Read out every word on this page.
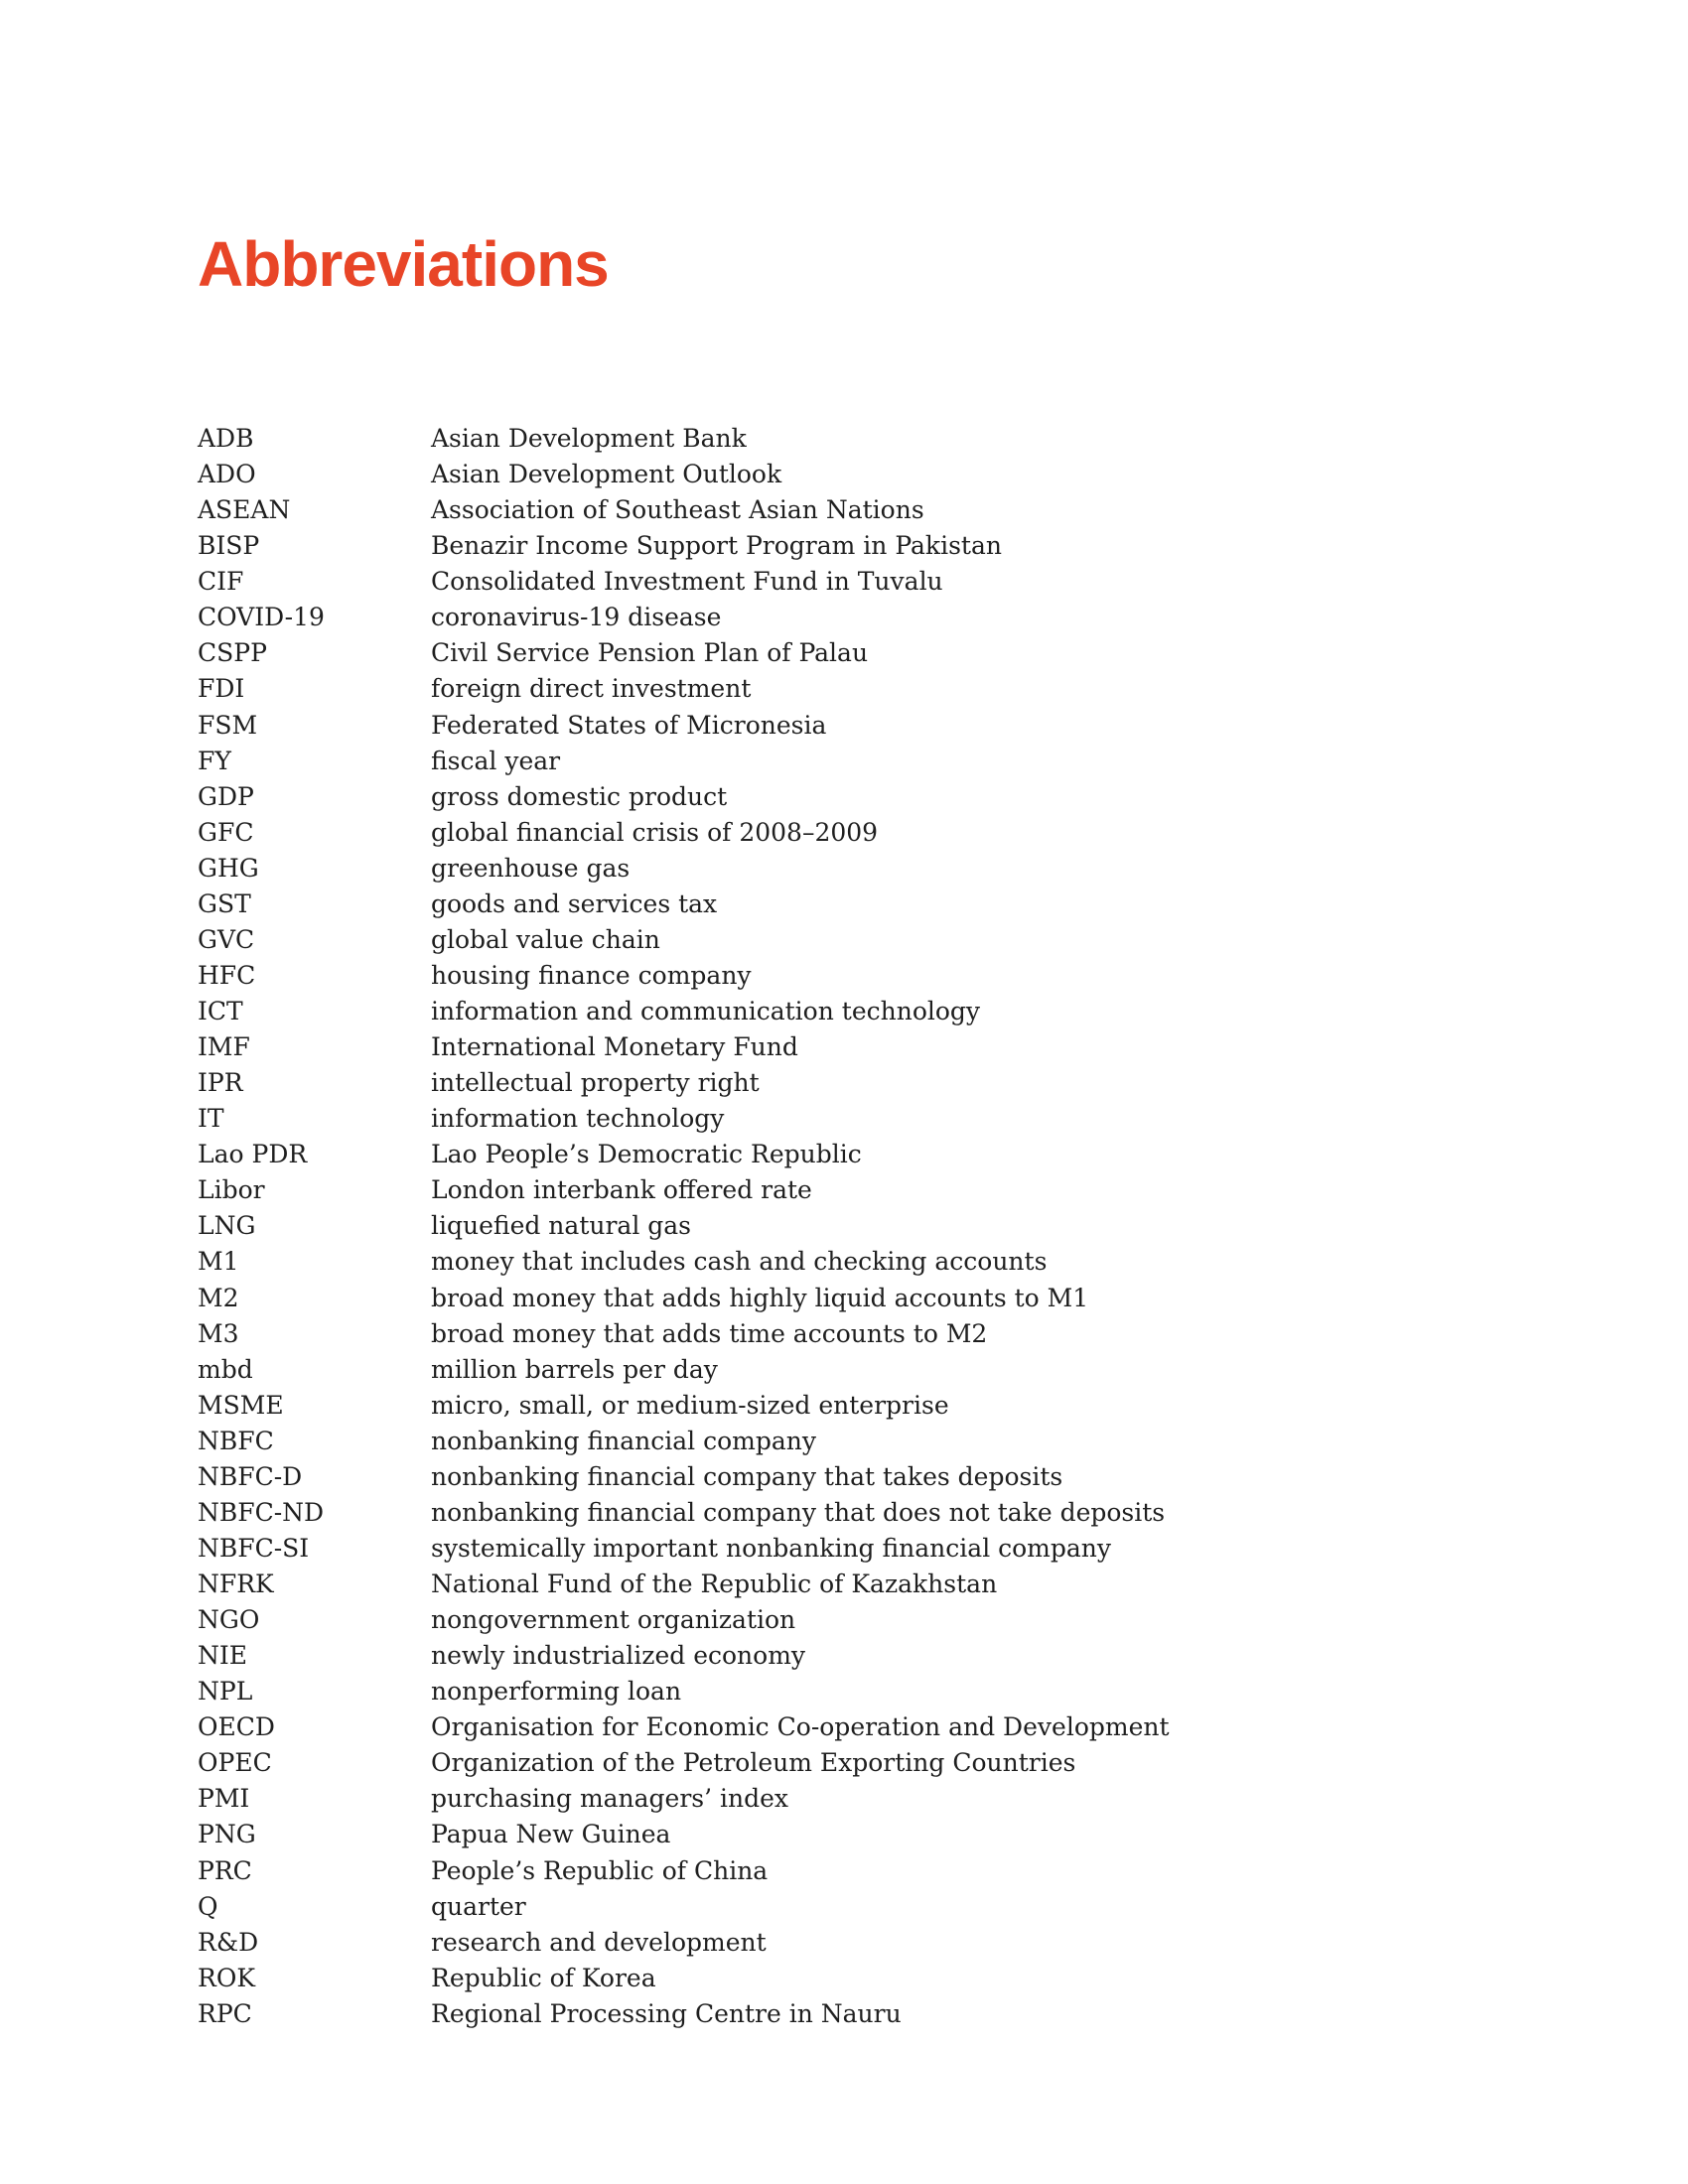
Abbreviations
ADB	Asian Development Bank
ADO	Asian Development Outlook
ASEAN	Association of Southeast Asian Nations
BISP	Benazir Income Support Program in Pakistan
CIF	Consolidated Investment Fund in Tuvalu
COVID-19	coronavirus-19 disease
CSPP	Civil Service Pension Plan of Palau
FDI	foreign direct investment
FSM	Federated States of Micronesia
FY	fiscal year
GDP	gross domestic product
GFC	global financial crisis of 2008–2009
GHG	greenhouse gas
GST	goods and services tax
GVC	global value chain
HFC	housing finance company
ICT	information and communication technology
IMF	International Monetary Fund
IPR	intellectual property right
IT	information technology
Lao PDR	Lao People’s Democratic Republic
Libor	London interbank offered rate
LNG	liquefied natural gas
M1	money that includes cash and checking accounts
M2	broad money that adds highly liquid accounts to M1
M3	broad money that adds time accounts to M2
mbd	million barrels per day
MSME	micro, small, or medium-sized enterprise
NBFC	nonbanking financial company
NBFC-D	nonbanking financial company that takes deposits
NBFC-ND	nonbanking financial company that does not take deposits
NBFC-SI	systemically important nonbanking financial company
NFRK	National Fund of the Republic of Kazakhstan
NGO	nongovernment organization
NIE	newly industrialized economy
NPL	nonperforming loan
OECD	Organisation for Economic Co-operation and Development
OPEC	Organization of the Petroleum Exporting Countries
PMI	purchasing managers’ index
PNG	Papua New Guinea
PRC	People’s Republic of China
Q	quarter
R&D	research and development
ROK	Republic of Korea
RPC	Regional Processing Centre in Nauru
